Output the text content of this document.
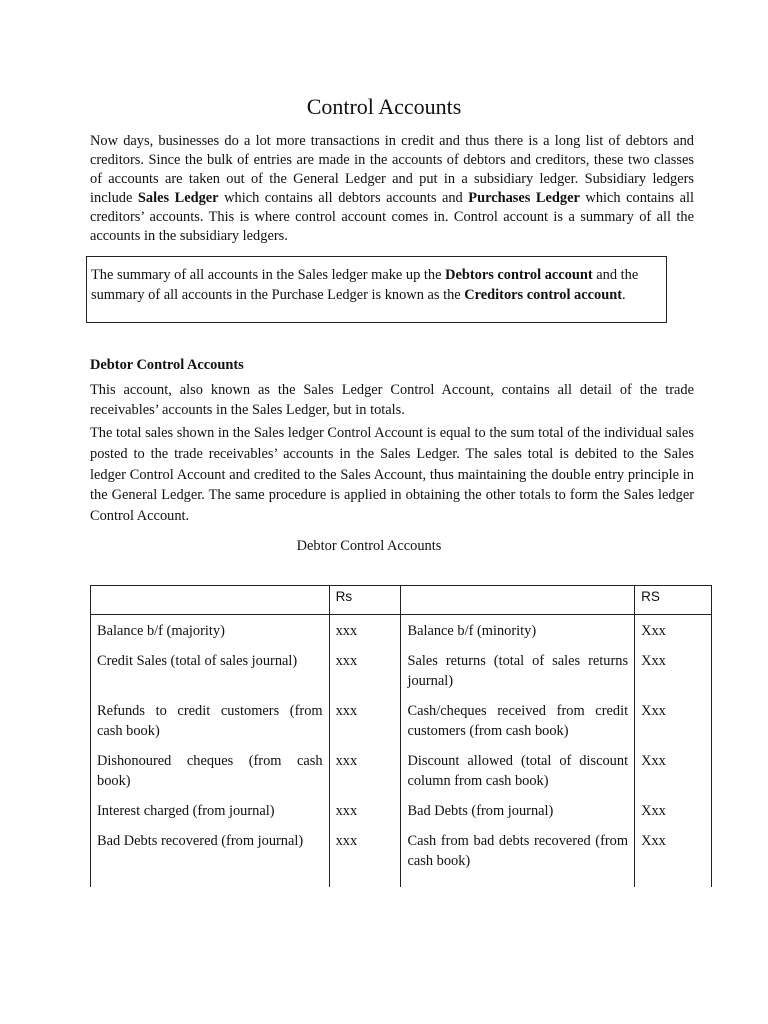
Control Accounts

Now days, businesses do a lot more transactions in credit and thus there is a long list of debtors and creditors. Since the bulk of entries are made in the accounts of debtors and creditors, these two classes of accounts are taken out of the General Ledger and put in a subsidiary ledger. Subsidiary ledgers include Sales Ledger which contains all debtors accounts and Purchases Ledger which contains all creditors’ accounts. This is where control account comes in. Control account is a summary of all the accounts in the subsidiary ledgers.

The summary of all accounts in the Sales ledger make up the Debtors control account and the summary of all accounts in the Purchase Ledger is known as the Creditors control account.
Debtor Control Accounts

This account, also known as the Sales Ledger Control Account, contains all detail of the trade receivables’ accounts in the Sales Ledger, but in totals.

The total sales shown in the Sales ledger Control Account is equal to the sum total of the individual sales posted to the trade receivables’ accounts in the Sales Ledger. The sales total is debited to the Sales ledger Control Account and credited to the Sales Account, thus maintaining the double entry principle in the General Ledger. The same procedure is applied in obtaining the other totals to form the Sales ledger Control Account.

Debtor Control Accounts
	Rs		RS
Balance b/f (majority)	xxx	Balance b/f (minority)	Xxx
Credit Sales (total of sales journal)	xxx	Sales returns (total of sales returns journal)	Xxx
Refunds to credit customers (from cash book)	xxx	Cash/cheques received from credit customers (from cash book)	Xxx
Dishonoured cheques (from cash book)	xxx	Discount allowed (total of discount column from cash book)	Xxx
Interest charged (from journal)	xxx	Bad Debts (from journal)	Xxx
Bad Debts recovered (from journal)	xxx	Cash from bad debts recovered (from cash book)	Xxx
